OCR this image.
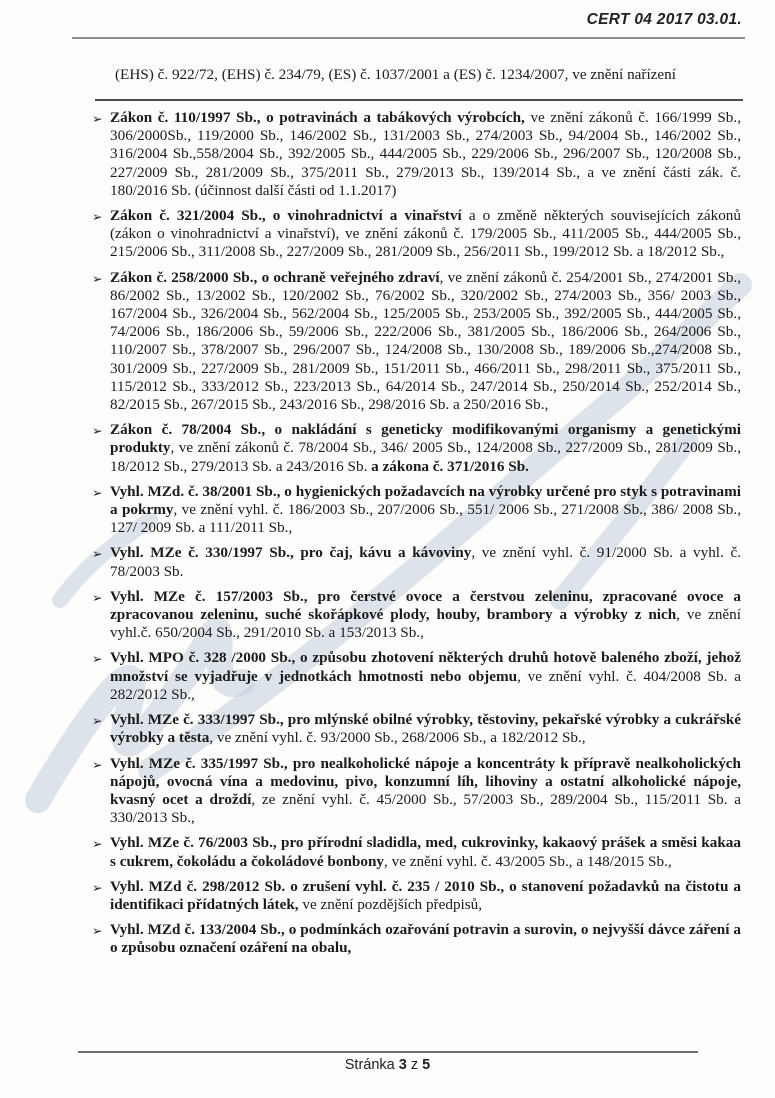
CERT 04 2017 03.01.
(EHS) č. 922/72, (EHS) č. 234/79, (ES) č. 1037/2001 a (ES) č. 1234/2007, ve znění nařízení
➢ Zákon č. 110/1997 Sb., o potravinách a tabákových výrobcích, ve znění zákonů č. 166/1999 Sb., 306/2000Sb., 119/2000 Sb., 146/2002 Sb., 131/2003 Sb., 274/2003 Sb., 94/2004 Sb., 146/2002 Sb., 316/2004 Sb.,558/2004 Sb., 392/2005 Sb., 444/2005 Sb., 229/2006 Sb., 296/2007 Sb., 120/2008 Sb., 227/2009 Sb., 281/2009 Sb., 375/2011 Sb., 279/2013 Sb., 139/2014 Sb., a ve znění části zák. č. 180/2016 Sb. (účinnost další části od 1.1.2017)
➢ Zákon č. 321/2004 Sb., o vinohradnictví a vinařství a o změně některých souvisejících zákonů (zákon o vinohradnictví a vinařství), ve znění zákonů č. 179/2005 Sb., 411/2005 Sb., 444/2005 Sb., 215/2006 Sb., 311/2008 Sb., 227/2009 Sb., 281/2009 Sb., 256/2011 Sb., 199/2012 Sb. a 18/2012 Sb.,
➢ Zákon č. 258/2000 Sb., o ochraně veřejného zdraví, ve znění zákonů č. 254/2001 Sb., 274/2001 Sb., 86/2002 Sb., 13/2002 Sb., 120/2002 Sb., 76/2002 Sb., 320/2002 Sb., 274/2003 Sb., 356/ 2003 Sb., 167/2004 Sb., 326/2004 Sb., 562/2004 Sb., 125/2005 Sb., 253/2005 Sb., 392/2005 Sb., 444/2005 Sb., 74/2006 Sb., 186/2006 Sb., 59/2006 Sb., 222/2006 Sb., 381/2005 Sb., 186/2006 Sb., 264/2006 Sb., 110/2007 Sb., 378/2007 Sb., 296/2007 Sb., 124/2008 Sb., 130/2008 Sb., 189/2006 Sb.,274/2008 Sb., 301/2009 Sb., 227/2009 Sb., 281/2009 Sb., 151/2011 Sb., 466/2011 Sb., 298/2011 Sb., 375/2011 Sb., 115/2012 Sb., 333/2012 Sb., 223/2013 Sb., 64/2014 Sb., 247/2014 Sb., 250/2014 Sb., 252/2014 Sb., 82/2015 Sb., 267/2015 Sb., 243/2016 Sb., 298/2016 Sb. a 250/2016 Sb.,
➢ Zákon č. 78/2004 Sb., o nakládání s geneticky modifikovanými organismy a genetickými produkty, ve znění zákonů č. 78/2004 Sb., 346/ 2005 Sb., 124/2008 Sb., 227/2009 Sb., 281/2009 Sb., 18/2012 Sb., 279/2013 Sb. a 243/2016 Sb. a zákona č. 371/2016 Sb.
➢ Vyhl. MZd. č. 38/2001 Sb., o hygienických požadavcích na výrobky určené pro styk s potravinami a pokrmy, ve znění vyhl. č. 186/2003 Sb., 207/2006 Sb., 551/ 2006 Sb., 271/2008 Sb., 386/ 2008 Sb., 127/ 2009 Sb. a 111/2011 Sb.,
➢ Vyhl. MZe č. 330/1997 Sb., pro čaj, kávu a kávoviny, ve znění vyhl. č. 91/2000 Sb. a vyhl. č. 78/2003 Sb.
➢ Vyhl. MZe č. 157/2003 Sb., pro čerstvé ovoce a čerstvou zeleninu, zpracované ovoce a zpracovanou zeleninu, suché skořápkové plody, houby, brambory a výrobky z nich, ve znění vyhl.č. 650/2004 Sb., 291/2010 Sb. a 153/2013 Sb.,
➢ Vyhl. MPO č. 328 /2000 Sb., o způsobu zhotovení některých druhů hotově baleného zboží, jehož množství se vyjadřuje v jednotkách hmotnosti nebo objemu, ve znění vyhl. č. 404/2008 Sb. a 282/2012 Sb.,
➢ Vyhl. MZe č. 333/1997 Sb., pro mlýnské obilné výrobky, těstoviny, pekařské výrobky a cukrářské výrobky a těsta, ve znění vyhl. č. 93/2000 Sb., 268/2006 Sb., a 182/2012 Sb.,
➢ Vyhl. MZe č. 335/1997 Sb., pro nealkoholické nápoje a koncentráty k přípravě nealkoholických nápojů, ovocná vína a medovinu, pivo, konzumní líh, lihoviny a ostatní alkoholické nápoje, kvasný ocet a droždí, ze znění vyhl. č. 45/2000 Sb., 57/2003 Sb., 289/2004 Sb., 115/2011 Sb. a 330/2013 Sb.,
➢ Vyhl. MZe č. 76/2003 Sb., pro přírodní sladidla, med, cukrovinky, kakaový prášek a směsi kakaa s cukrem, čokoládu a čokoládové bonbony, ve znění vyhl. č. 43/2005 Sb., a 148/2015 Sb.,
➢ Vyhl. MZd č. 298/2012 Sb. o zrušení vyhl. č. 235 / 2010 Sb., o stanovení požadavků na čistotu a identifikaci přídatných látek, ve znění pozdějších předpisů,
➢ Vyhl. MZd č. 133/2004 Sb., o podmínkách ozařování potravin a surovin, o nejvyšší dávce záření a o způsobu označení ozáření na obalu,
Stránka 3 z 5
